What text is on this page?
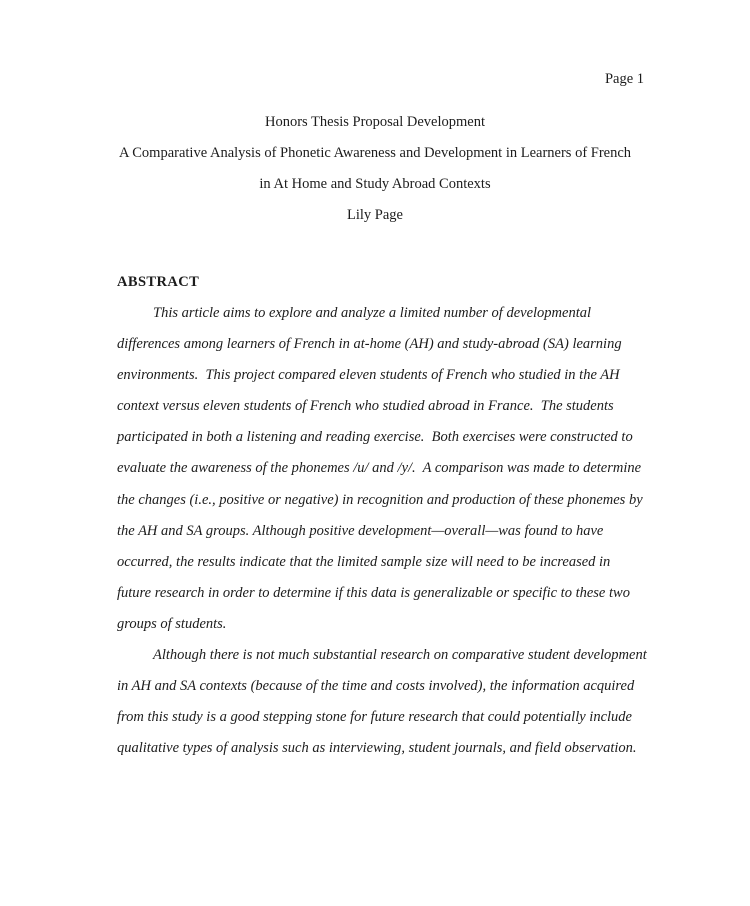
Page 1
Honors Thesis Proposal Development
A Comparative Analysis of Phonetic Awareness and Development in Learners of French
in At Home and Study Abroad Contexts
Lily Page
ABSTRACT

This article aims to explore and analyze a limited number of developmental differences among learners of French in at-home (AH) and study-abroad (SA) learning environments.  This project compared eleven students of French who studied in the AH context versus eleven students of French who studied abroad in France.  The students participated in both a listening and reading exercise.  Both exercises were constructed to evaluate the awareness of the phonemes /u/ and /y/.  A comparison was made to determine the changes (i.e., positive or negative) in recognition and production of these phonemes by the AH and SA groups. Although positive development—overall—was found to have occurred, the results indicate that the limited sample size will need to be increased in future research in order to determine if this data is generalizable or specific to these two groups of students.

Although there is not much substantial research on comparative student development in AH and SA contexts (because of the time and costs involved), the information acquired from this study is a good stepping stone for future research that could potentially include qualitative types of analysis such as interviewing, student journals, and field observation.
